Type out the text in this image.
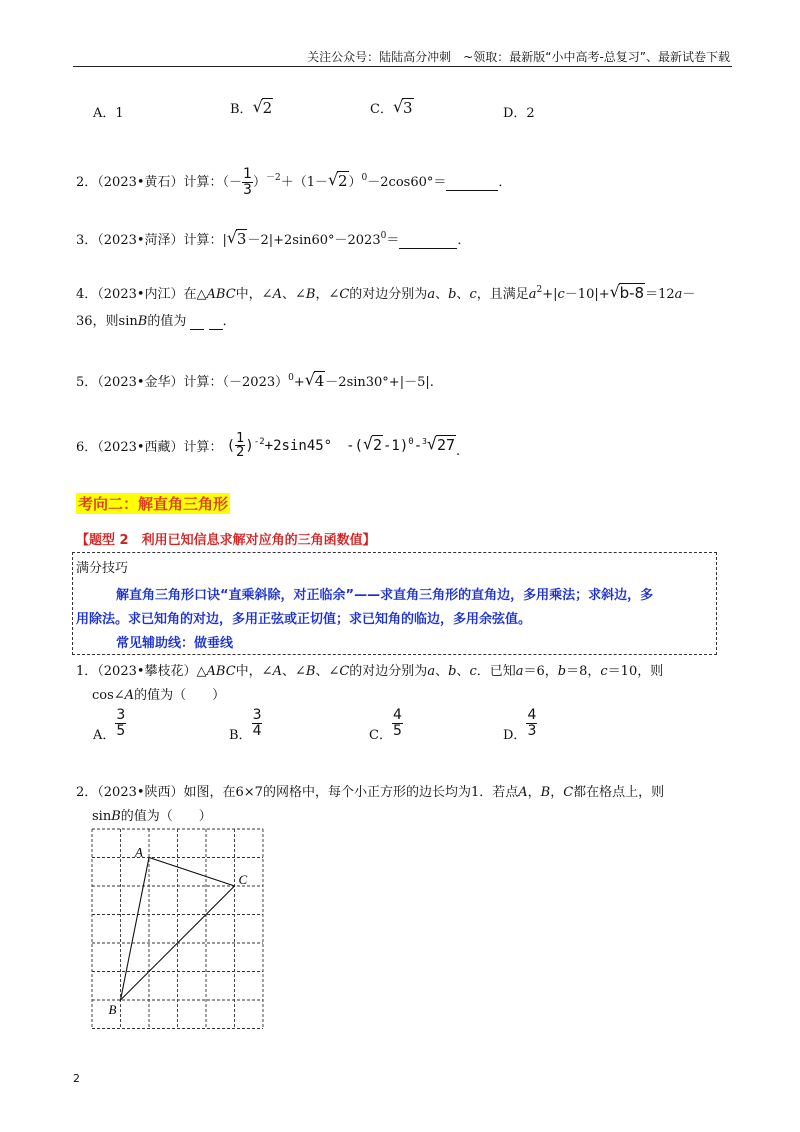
关注公众号：陆陆高分冲刺　~领取：最新版“小中高考-总复习”、最新试卷下载
A．1	B．√ 2	C．√ 3	D．2
2．（2023•黄石）计算：（－ $\frac{1}{3} )^{-2}+(1-√$ 2）$^0$－2cos60°＝	．
3．（2023•菏泽）计算：|√ $3-2|+2\sin 60^\circ-2023^0=$	．
4．（2023•内江）在△ABC中，∠A、∠B，∠C的对边分别为a、b、c，且满足$a^2+|c-10|+√$ b-8＝12a－
36，则sinB的值为	．
5．（2023•金华）计算：$(-2023)^0+√$ 4－2sin30°+|－5|.
6．（2023•西藏）计算： ( $\frac{1}{2} )^{-2}+2\sin 45^\circ$　-(√ 2-1)$^0$-$^3$√ 27.
考向二：解直角三角形
【题型 2　利用已知信息求解对应角的三角函数值】
满分技巧
解直角三角形口诀“直乘斜除，对正临余”——求直角三角形的直角边，多用乘法；求斜边，多
用除法。求已知角的对边，多用正弦或正切值；求已知角的临边，多用余弦值。
常见辅助线：做垂线
1．（2023•攀枝花）△ABC中，∠A、∠B、∠C的对边分别为a、b、c．已知a＝6，b＝8，c＝10，则
cos∠A的值为（　　）
A． $\frac{3}{5}$	B． $\frac{3}{4}$	C． $\frac{4}{5}$	D． $\frac{4}{3}$
2．（2023•陕西）如图，在6×7的网格中，每个小正方形的边长均为1．若点A，B，C都在格点上，则
sinB的值为（　　）
A
B
C
2
